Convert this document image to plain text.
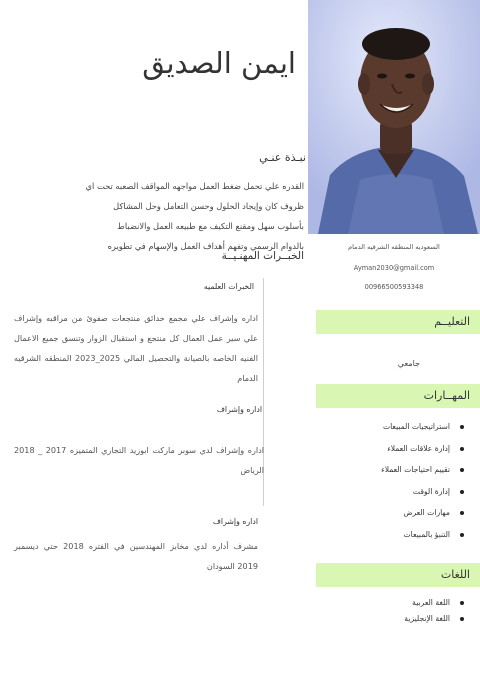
السعوديه المنطقه الشرقيه الدمام
Ayman2030@gmail.com
00966500593348
التعليــم
جامعي
المهــارات
استراتيجيات المبيعات
إدارة علاقات العملاء
تقييم احتياجات العملاء
إدارة الوقت
مهارات العرض
التنبؤ بالمبيعات
اللغات
اللغة العربية
اللغة الإنجليزية
ايمن الصديق
نبـذة عنـي
القدره علي تحمل ضغط العمل مواجهه المواقف الصعبه تحت اي
ظروف كان وإيجاد الحلول وحسن التعامل وحل المشاكل
بأسلوب سهل ومقنع التكيف مع طبيعه العمل والانضباط
بالدوام الرسمي وتفهم أهداف العمل والإسهام في تطويره
الخبــرات المهنـيــة
الخبرات العلميه
اداره وإشراف علي مجمع حدائق منتجعات صفوئ من مراقبه وإشراف علي سير عمل العمال كل منتجع و استقبال الزوار وتنسق جميع الاعمال الفنيه الخاصه بالصيانة والتحصيل المالي 2025_2023 المنطقه الشرقيه الدمام
اداره وإشراف
اداره وإشراف لدي سوبر ماركت ابوزيد التجاري المتميزه 2017 _ 2018 الرياض
اداره وإشراف
مشرف أداره لدي مخابز المهندسين في الفتره 2018 حتي ديسمبر 2019 السودان
